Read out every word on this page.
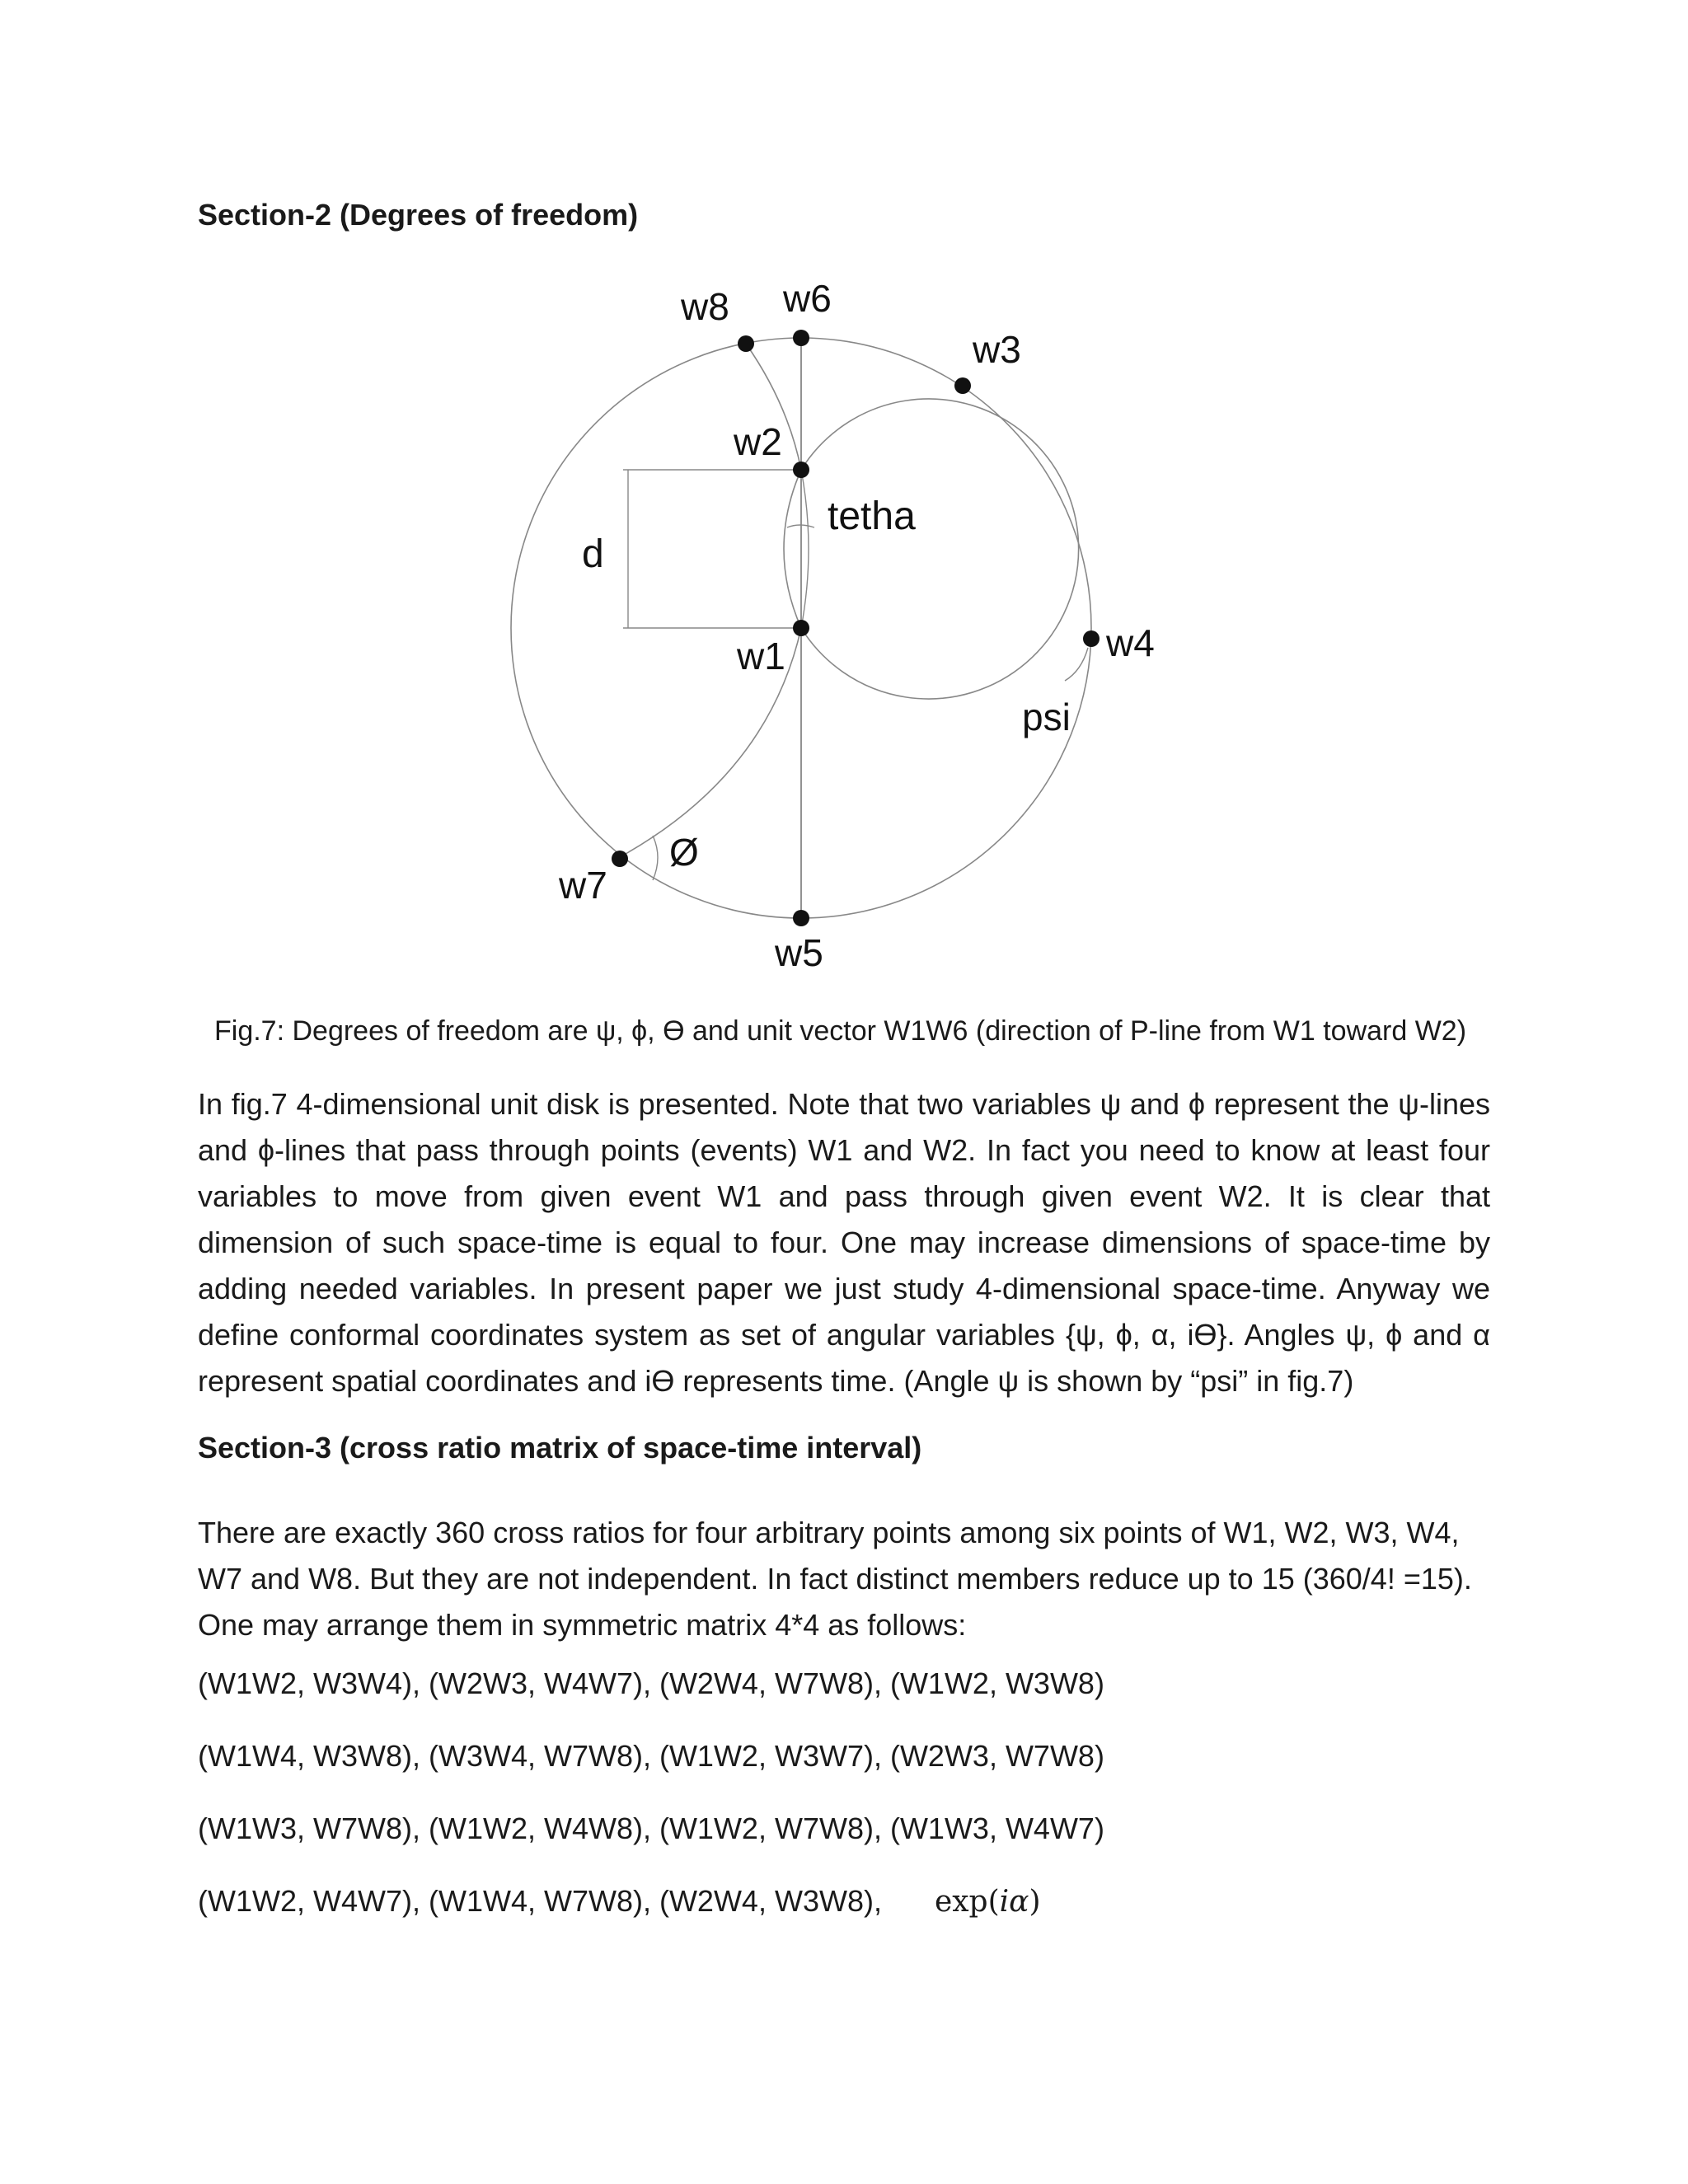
Section-2 (Degrees of freedom)
w8 w6
w3
w2
tetha
d
w1	w4
psi
Ø
w7
w5
Fig.7: Degrees of freedom are ψ, ϕ, ϴ and unit vector W1W6 (direction of P-line from W1 toward W2)

In fig.7 4-dimensional unit disk is presented. Note that two variables ψ and ϕ represent the ψ-lines and ϕ-lines that pass through points (events) W1 and W2. In fact you need to know at least four variables to move from given event W1 and pass through given event W2. It is clear that dimension of such space-time is equal to four. One may increase dimensions of space-time by adding needed variables. In present paper we just study 4-dimensional space-time. Anyway we define conformal coordinates system as set of angular variables {ψ, ϕ, α, iϴ}. Angles ψ, ϕ and α represent spatial coordinates and iϴ represents time. (Angle ψ is shown by “psi” in fig.7)

Section-3 (cross ratio matrix of space-time interval)

There are exactly 360 cross ratios for four arbitrary points among six points of W1, W2, W3, W4, W7 and W8. But they are not independent. In fact distinct members reduce up to 15 (360/4! =15). One may arrange them in symmetric matrix 4*4 as follows:

(W1W2, W3W4), (W2W3, W4W7), (W2W4, W7W8), (W1W2, W3W8)

(W1W4, W3W8), (W3W4, W7W8), (W1W2, W3W7), (W2W3, W7W8)

(W1W3, W7W8), (W1W2, W4W8), (W1W2, W7W8), (W1W3, W4W7)

(W1W2, W4W7), (W1W4, W7W8), (W2W4, W3W8), exp(iα)
